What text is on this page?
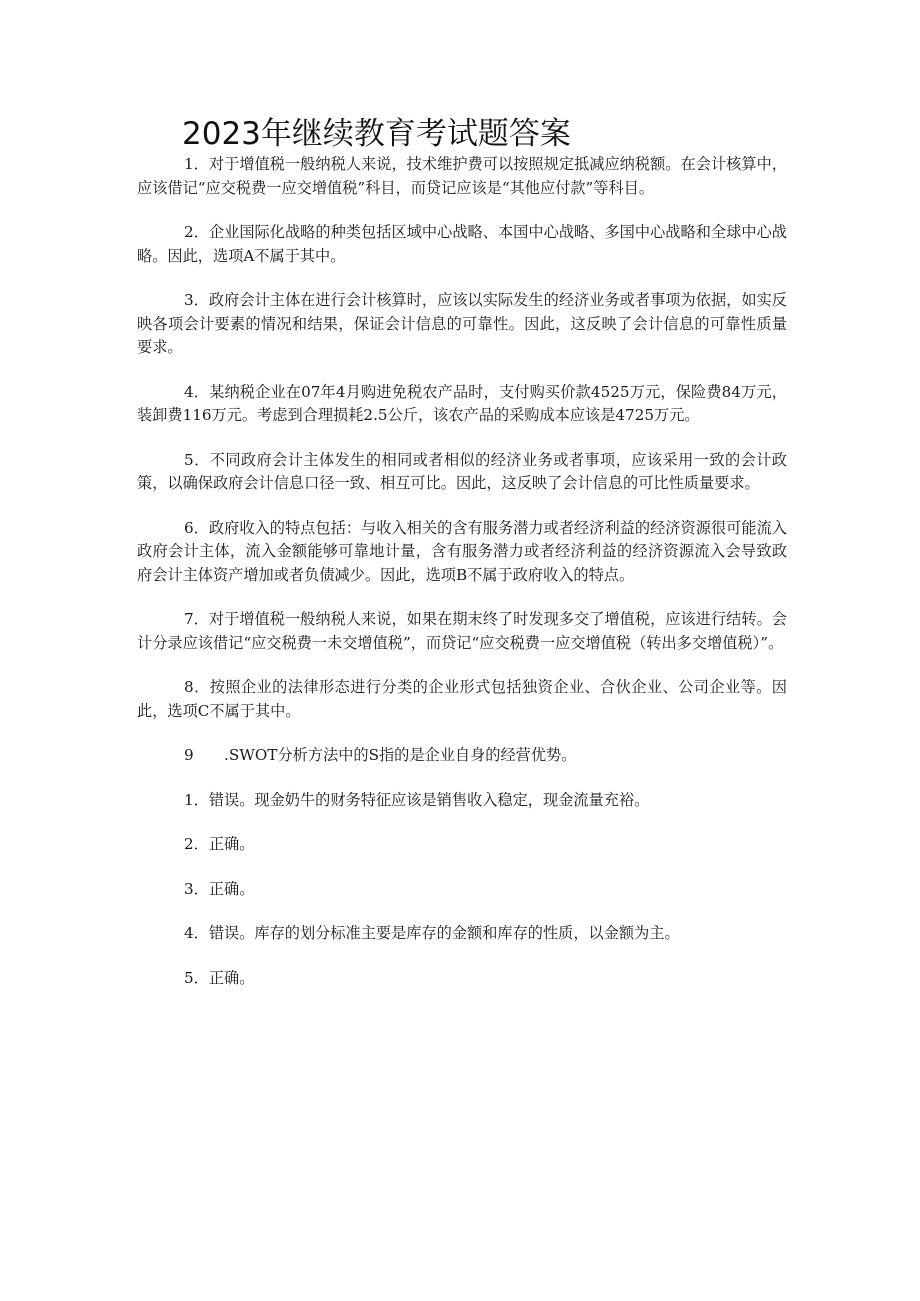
2023年继续教育考试题答案

1．对于增值税一般纳税人来说，技术维护费可以按照规定抵减应纳税额。在会计核算中，应该借记“应交税费一应交增值税”科目，而贷记应该是“其他应付款”等科目。

2．企业国际化战略的种类包括区域中心战略、本国中心战略、多国中心战略和全球中心战略。因此，选项A不属于其中。

3．政府会计主体在进行会计核算时，应该以实际发生的经济业务或者事项为依据，如实反映各项会计要素的情况和结果，保证会计信息的可靠性。因此，这反映了会计信息的可靠性质量要求。

4．某纳税企业在07年4月购进免税农产品时，支付购买价款4525万元，保险费84万元，装卸费116万元。考虑到合理损耗2.5公斤，该农产品的采购成本应该是4725万元。

5．不同政府会计主体发生的相同或者相似的经济业务或者事项，应该采用一致的会计政策，以确保政府会计信息口径一致、相互可比。因此，这反映了会计信息的可比性质量要求。

6．政府收入的特点包括：与收入相关的含有服务潜力或者经济利益的经济资源很可能流入政府会计主体，流入金额能够可靠地计量，含有服务潜力或者经济利益的经济资源流入会导致政府会计主体资产增加或者负债减少。因此，选项B不属于政府收入的特点。

7．对于增值税一般纳税人来说，如果在期末终了时发现多交了增值税，应该进行结转。会计分录应该借记“应交税费一未交增值税”，而贷记“应交税费一应交增值税（转出多交增值税）”。

8．按照企业的法律形态进行分类的企业形式包括独资企业、合伙企业、公司企业等。因此，选项C不属于其中。

9　　.SWOT分析方法中的S指的是企业自身的经营优势。

1．错误。现金奶牛的财务特征应该是销售收入稳定，现金流量充裕。

2．正确。

3．正确。

4．错误。库存的划分标准主要是库存的金额和库存的性质，以金额为主。

5．正确。
